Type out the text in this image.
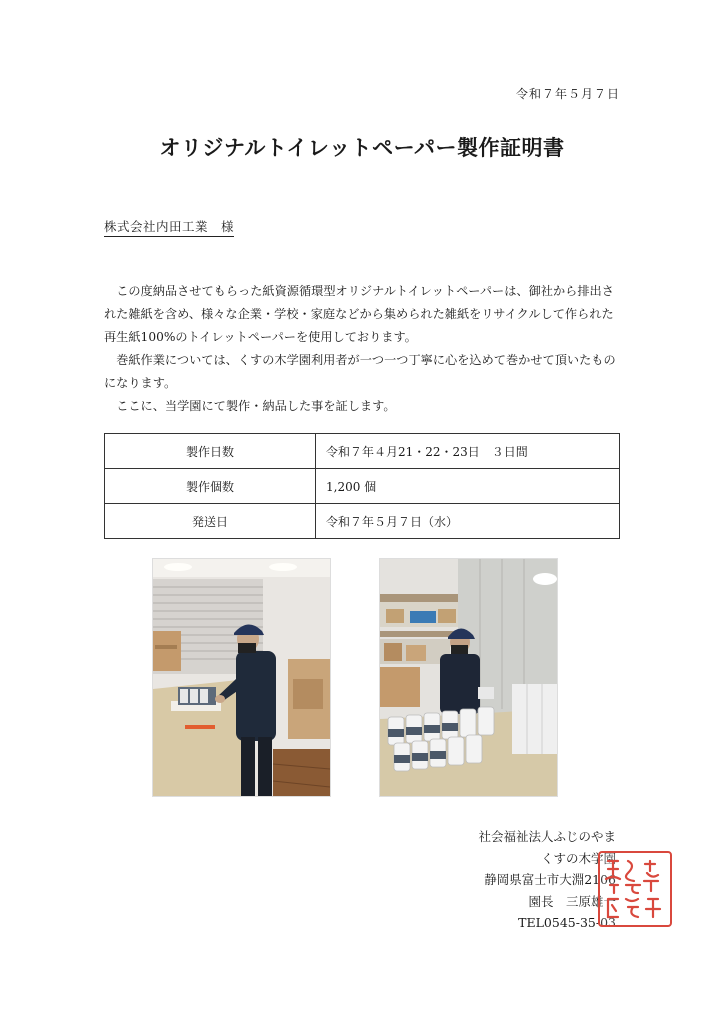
令和７年５月７日
オリジナルトイレットペーパー製作証明書
株式会社内田工業　様

この度納品させてもらった紙資源循環型オリジナルトイレットペーパーは、御社から排出された雑紙を含め、様々な企業・学校・家庭などから集められた雑紙をリサイクルして作られた再生紙100%のトイレットペーパーを使用しております。

巻紙作業については、くすの木学園利用者が一つ一つ丁寧に心を込めて巻かせて頂いたものになります。

ここに、当学園にて製作・納品した事を証します。

製作日数	令和７年４月21・22・23日　３日間
製作個数	1,200 個
発送日	令和７年５月７日（水）
社会福祉法人ふじのやま
くすの木学園
静岡県富士市大淵2106
園長　三原雄一
TEL0545-35-03
